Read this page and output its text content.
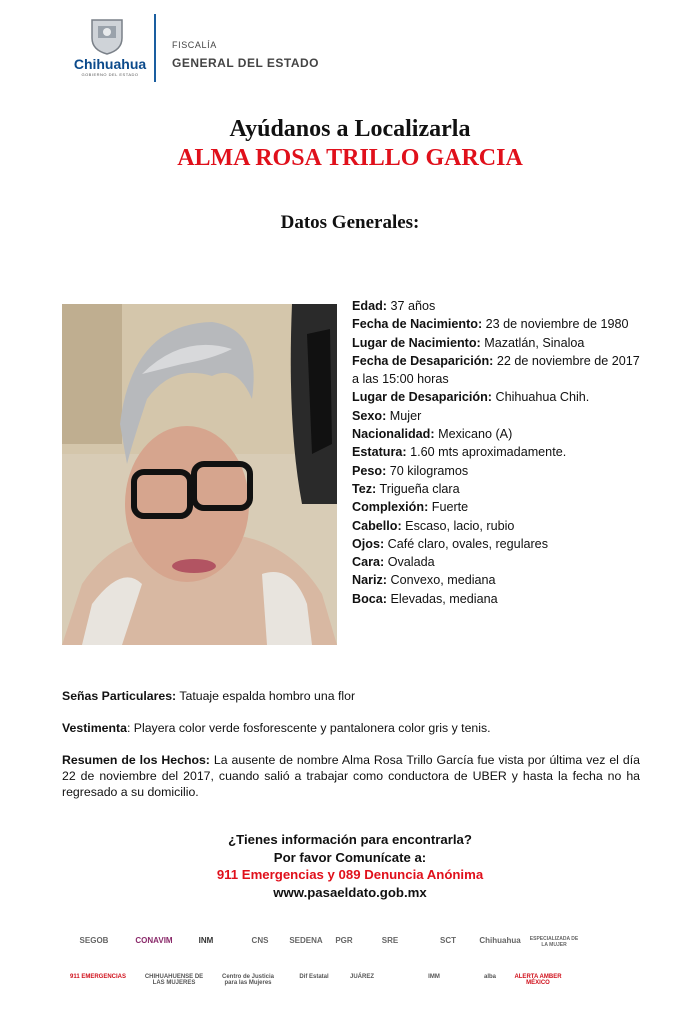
Chihuahua
GOBIERNO DEL ESTADO
FISCALÍA
GENERAL DEL ESTADO
Ayúdanos a Localizarla
ALMA ROSA TRILLO GARCIA
Datos Generales:
Edad: 37 años
Fecha de Nacimiento: 23 de noviembre de 1980
Lugar de Nacimiento: Mazatlán, Sinaloa
Fecha de Desaparición: 22 de noviembre de 2017 a las 15:00 horas
Lugar de Desaparición: Chihuahua Chih.
Sexo: Mujer
Nacionalidad: Mexicano (A)
Estatura: 1.60 mts aproximadamente.
Peso: 70 kilogramos
Tez: Trigueña clara
Complexión: Fuerte
Cabello: Escaso, lacio, rubio
Ojos: Café claro, ovales, regulares
Cara: Ovalada
Nariz: Convexo, mediana
Boca: Elevadas, mediana
Señas Particulares: Tatuaje espalda hombro una flor
Vestimenta: Playera color verde fosforescente y pantalonera color gris y tenis.
Resumen de los Hechos: La ausente de nombre Alma Rosa Trillo García fue vista por última vez el día 22 de noviembre del 2017, cuando salió a trabajar como conductora de UBER y hasta la fecha no ha regresado a su domicilio.
¿Tienes información para encontrarla?
Por favor Comunícate a:
911 Emergencias y 089 Denuncia Anónima
www.pasaeldato.gob.mx
SEGOB	CONAVIM	INM	CNS	SEDENA	PGR	SRE	SCT	Chihuahua	ESPECIALIZADA DE LA MUJER
911 EMERGENCIAS	CHIHUAHUENSE DE LAS MUJERES
Centro de Justicia para las Mujeres
Dif Estatal	JUÁREZ	IMM	alba	ALERTA AMBER MÉXICO
